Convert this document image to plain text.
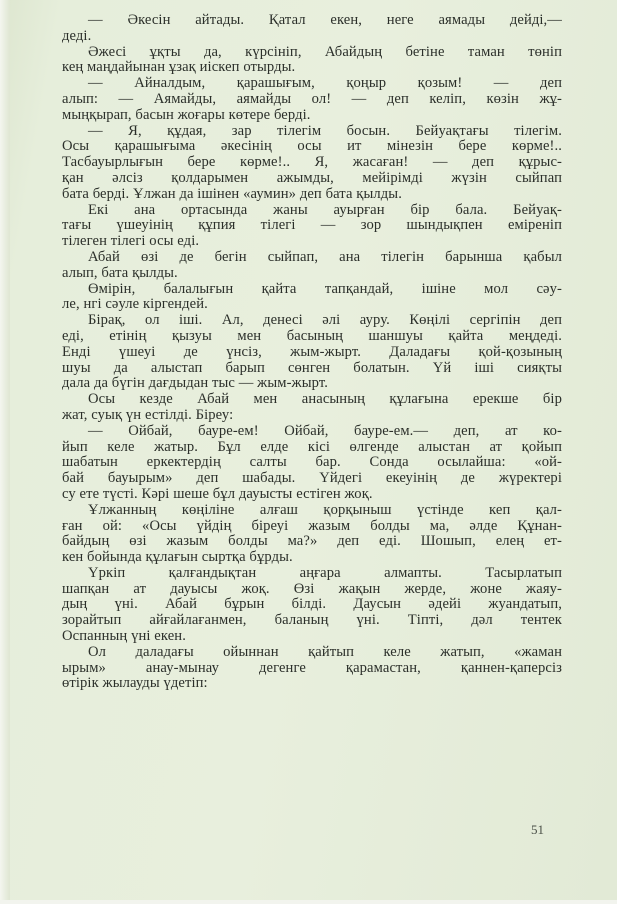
— Әкесін айтады. Қатал екен, неге аямады дейді,—
деді.
Әжесі ұқты да, күрсініп, Абайдың бетіне таман төніп
кең маңдайынан ұзақ иіскеп отырды.
— Айналдым, қарашығым, қоңыр қозым! — деп
алып: — Аямайды, аямайды ол! — деп келіп, көзін жұ-
мыңқырап, басын жоғары көтере берді.
— Я, құдая, зар тілегім босын. Бейуақтағы тілегім.
Осы қарашығыма әкесінің осы ит мінезін бере көрме!..
Тасбауырлығын бере көрме!.. Я, жасаған! — деп құрыс-
қан әлсіз қолдарымен ажымды, мейірімді жүзін сыйпап
бата берді. Ұлжан да ішінен «аумин» деп бата қылды.
Екі ана ортасында жаны ауырған бір бала. Бейуақ-
тағы үшеуінің құпия тілегі — зор шындықпен еміреніп
тілеген тілегі осы еді.
Абай өзі де бегін сыйпап, ана тілегін барынша қабыл
алып, бата қылды.
Өмірін, балалығын қайта тапқандай, ішіне мол сәу-
ле, нгі сәуле кіргендей.
Бірақ, ол іші. Ал, денесі әлі ауру. Көңілі сергіпін деп
еді, етінің қызуы мен басының шаншуы қайта меңдеді.
Енді үшеуі де үнсіз, жым-жырт. Даладағы қой-қозының
шуы да алыстап барып сөнген болатын. Үй іші сияқты
дала да бүгін дағдыдан тыс — жым-жырт.
Осы кезде Абай мен анасының құлағына ерекше бір
жат, суық үн естілді. Біреу:
— Ойбай, бауре-ем! Ойбай, бауре-ем.— деп, ат ко-
йып келе жатыр. Бұл елде кісі өлгенде алыстан ат қойып
шабатын еркектердің салты бар. Сонда осылайша: «ой-
бай бауырым» деп шабады. Үйдегі екеуінің де жүректері
су ете түсті. Кәрі шеше бұл дауысты естіген жоқ.
Ұлжанның көңіліне алғаш қорқыныш үстінде кеп қал-
ған ой: «Осы үйдің біреуі жазым болды ма, әлде Құнан-
байдың өзі жазым болды ма?» деп еді. Шошып, елең ет-
кен бойында құлағын сыртқа бұрды.
Үркіп қалғандықтан аңғара алмапты. Тасырлатып
шапқан ат дауысы жоқ. Өзі жақын жерде, жоне жаяу-
дың үні. Абай бұрын білді. Даусын әдейі жуандатып,
зорайтып айғайлағанмен, баланың үні. Тіпті, дәл тентек
Оспанның үні екен.
Ол даладағы ойыннан қайтып келе жатып, «жаман
ырым» анау-мынау дегенге қарамастан, қаннен-қаперсіз
өтірік жылауды үдетіп:
51
